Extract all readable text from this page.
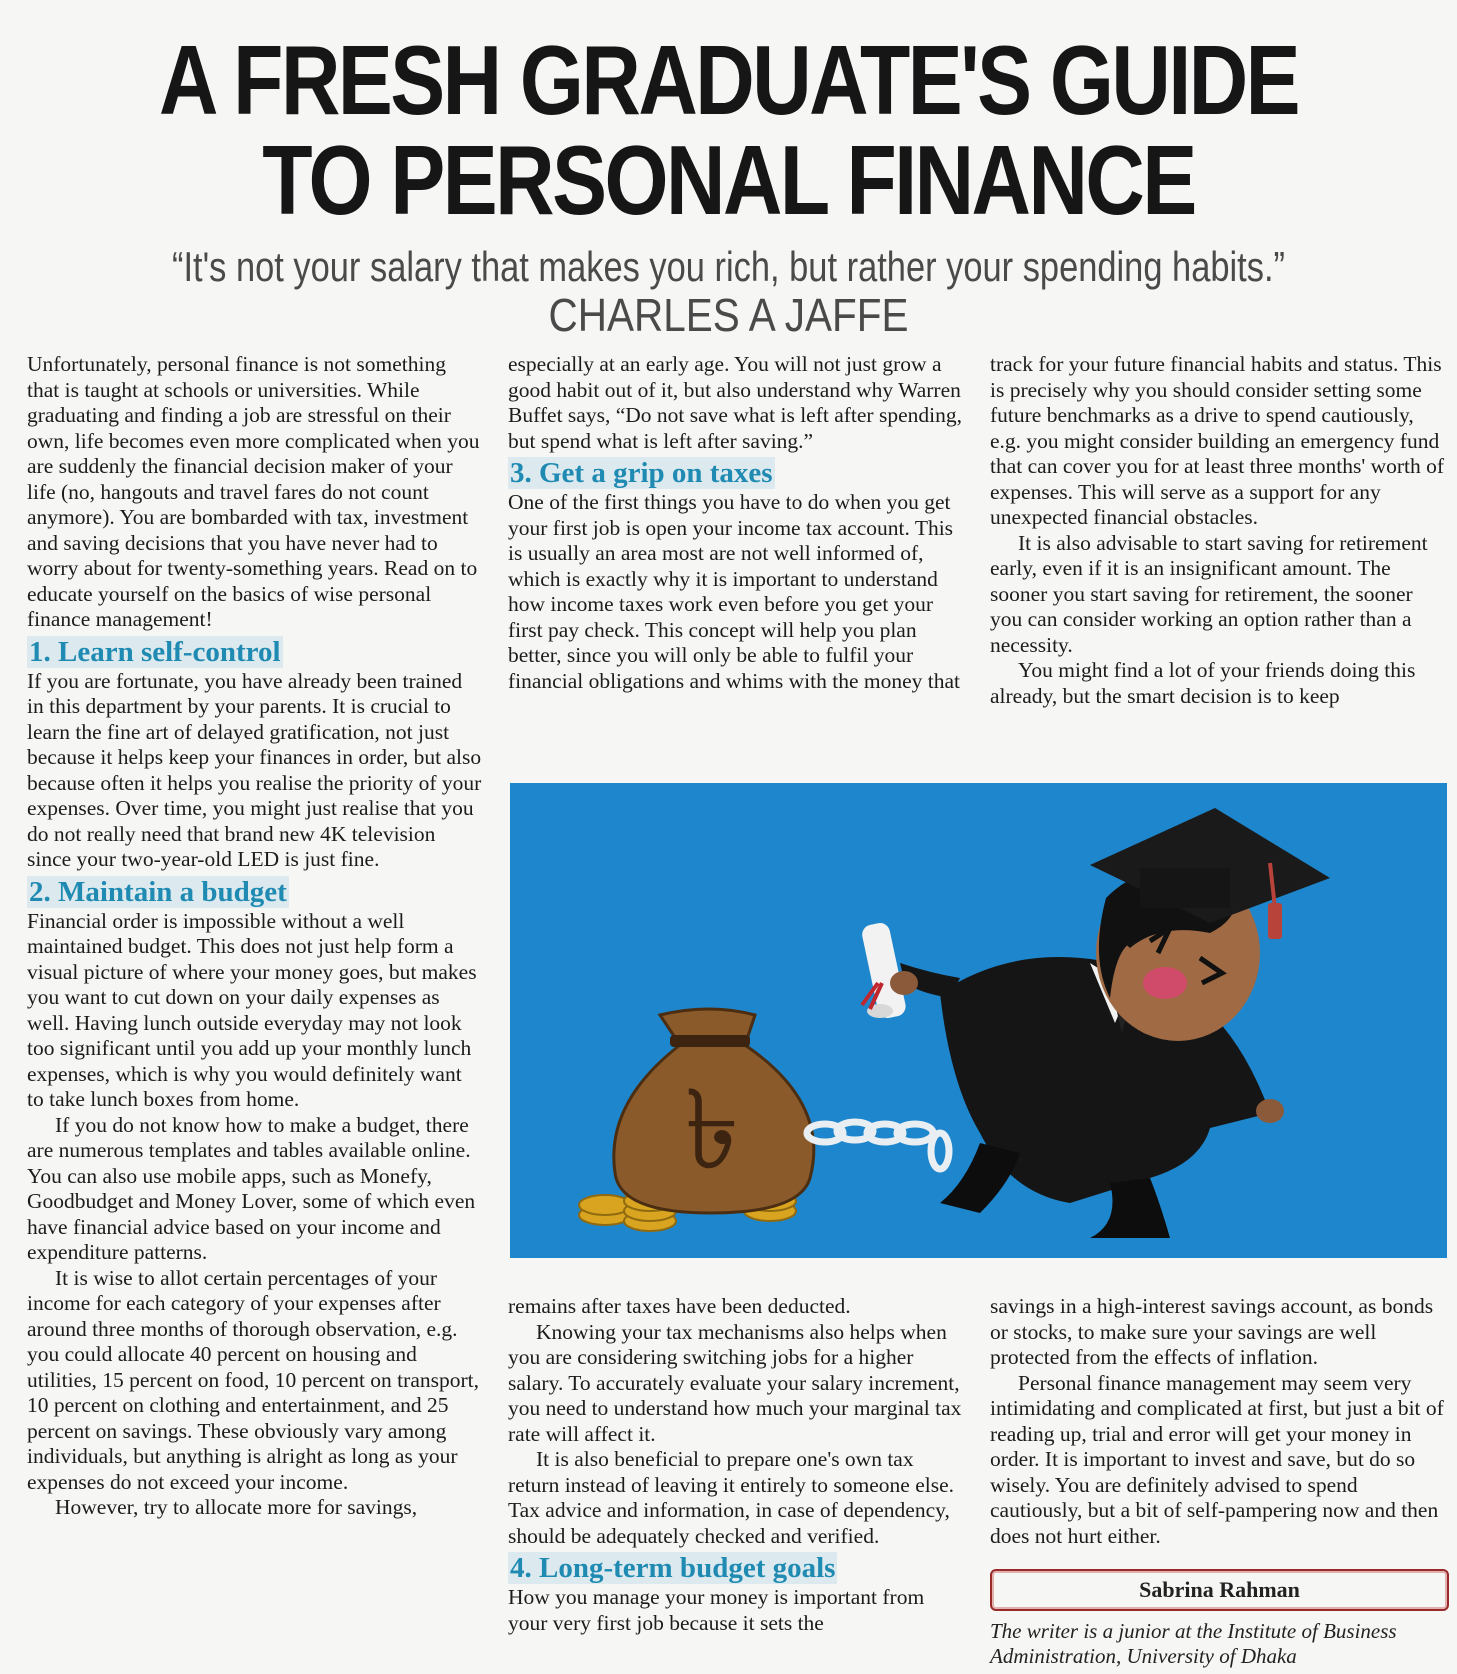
A FRESH GRADUATE'S GUIDE
TO PERSONAL FINANCE
“It's not your salary that makes you rich, but rather your spending habits.”
CHARLES A JAFFE

Unfortunately, personal finance is not something that is taught at schools or universities. While graduating and finding a job are stressful on their own, life becomes even more complicated when you are suddenly the financial decision maker of your life (no, hangouts and travel fares do not count anymore). You are bombarded with tax, investment and saving decisions that you have never had to worry about for twenty-something years. Read on to educate yourself on the basics of wise personal finance management!

1. Learn self-control

If you are fortunate, you have already been trained in this department by your parents. It is crucial to learn the fine art of delayed gratification, not just because it helps keep your finances in order, but also because often it helps you realise the priority of your expenses. Over time, you might just realise that you do not really need that brand new 4K television since your two-year-old LED is just fine.

2. Maintain a budget

Financial order is impossible without a well maintained budget. This does not just help form a visual picture of where your money goes, but makes you want to cut down on your daily expenses as well. Having lunch outside everyday may not look too significant until you add up your monthly lunch expenses, which is why you would definitely want to take lunch boxes from home.

If you do not know how to make a budget, there are numerous templates and tables available online. You can also use mobile apps, such as Monefy, Goodbudget and Money Lover, some of which even have financial advice based on your income and expenditure patterns.

It is wise to allot certain percentages of your income for each category of your expenses after around three months of thorough observation, e.g. you could allocate 40 percent on housing and utilities, 15 percent on food, 10 percent on transport, 10 percent on clothing and entertainment, and 25 percent on savings. These obviously vary among individuals, but anything is alright as long as your expenses do not exceed your income.

However, try to allocate more for savings,

especially at an early age. You will not just grow a good habit out of it, but also understand why Warren Buffet says, “Do not save what is left after spending, but spend what is left after saving.”

3. Get a grip on taxes

One of the first things you have to do when you get your first job is open your income tax account. This is usually an area most are not well informed of, which is exactly why it is important to understand how income taxes work even before you get your first pay check. This concept will help you plan better, since you will only be able to fulfil your financial obligations and whims with the money that

track for your future financial habits and status. This is precisely why you should consider setting some future benchmarks as a drive to spend cautiously, e.g. you might consider building an emergency fund that can cover you for at least three months' worth of expenses. This will serve as a support for any unexpected financial obstacles.

It is also advisable to start saving for retirement early, even if it is an insignificant amount. The sooner you start saving for retirement, the sooner you can consider working an option rather than a necessity.

You might find a lot of your friends doing this already, but the smart decision is to keep

৳

remains after taxes have been deducted.

Knowing your tax mechanisms also helps when you are considering switching jobs for a higher salary. To accurately evaluate your salary increment, you need to understand how much your marginal tax rate will affect it.

It is also beneficial to prepare one's own tax return instead of leaving it entirely to someone else. Tax advice and information, in case of dependency, should be adequately checked and verified.

4. Long-term budget goals

How you manage your money is important from your very first job because it sets the

savings in a high-interest savings account, as bonds or stocks, to make sure your savings are well protected from the effects of inflation.

Personal finance management may seem very intimidating and complicated at first, but just a bit of reading up, trial and error will get your money in order. It is important to invest and save, but do so wisely. You are definitely advised to spend cautiously, but a bit of self-pampering now and then does not hurt either.

Sabrina Rahman
The writer is a junior at the Institute of Business Administration, University of Dhaka
